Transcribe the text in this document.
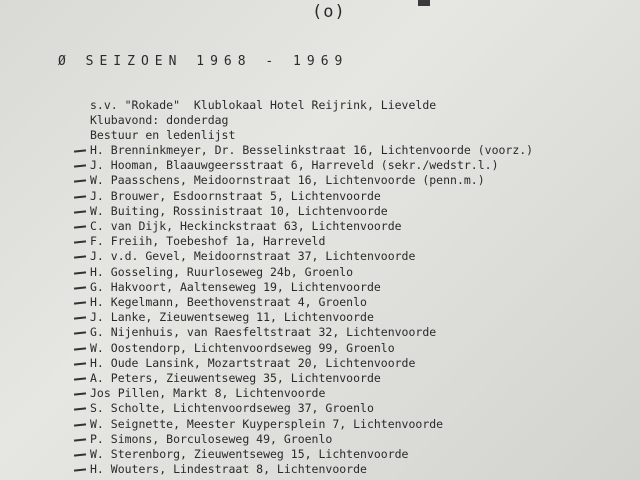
(o)
Ø SEIZOEN 1968 - 1969
s.v. "Rokade"  Klublokaal Hotel Reijrink, Lievelde
Klubavond: donderdag
Bestuur en ledenlijst
H. Brenninkmeyer, Dr. Besselinkstraat 16, Lichtenvoorde (voorz.)
J. Hooman, Blaauwgeersstraat 6, Harreveld (sekr./wedstr.l.)
W. Paasschens, Meidoornstraat 16, Lichtenvoorde (penn.m.)
J. Brouwer, Esdoornstraat 5, Lichtenvoorde
W. Buiting, Rossinistraat 10, Lichtenvoorde
C. van Dijk, Heckinckstraat 63, Lichtenvoorde
F. Freiih, Toebeshof 1a, Harreveld
J. v.d. Gevel, Meidoornstraat 37, Lichtenvoorde
H. Gosseling, Ruurloseweg 24b, Groenlo
G. Hakvoort, Aaltenseweg 19, Lichtenvoorde
H. Kegelmann, Beethovenstraat 4, Groenlo
J. Lanke, Zieuwentseweg 11, Lichtenvoorde
G. Nijenhuis, van Raesfeltstraat 32, Lichtenvoorde
W. Oostendorp, Lichtenvoordseweg 99, Groenlo
H. Oude Lansink, Mozartstraat 20, Lichtenvoorde
A. Peters, Zieuwentseweg 35, Lichtenvoorde
Jos Pillen, Markt 8, Lichtenvoorde
S. Scholte, Lichtenvoordseweg 37, Groenlo
W. Seignette, Meester Kuypersplein 7, Lichtenvoorde
P. Simons, Borculoseweg 49, Groenlo
W. Sterenborg, Zieuwentseweg 15, Lichtenvoorde
H. Wouters, Lindestraat 8, Lichtenvoorde
